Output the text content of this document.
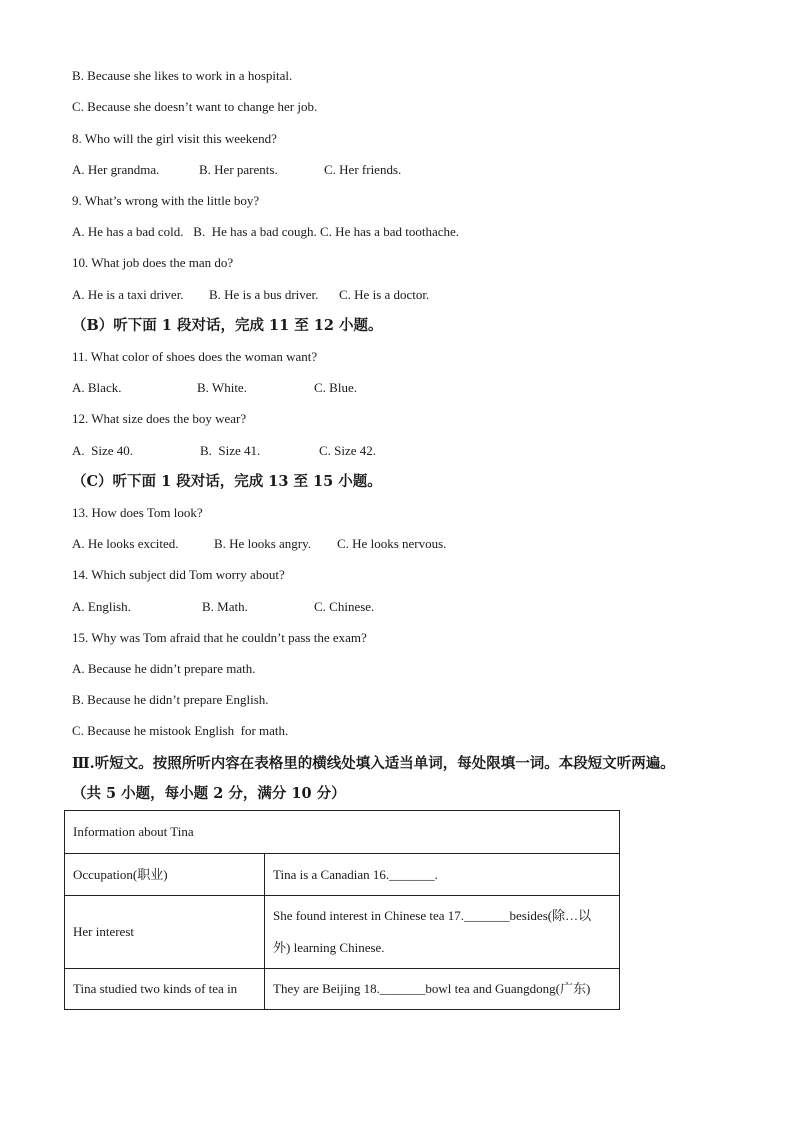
B. Because she likes to work in a hospital.
C. Because she doesn’t want to change her job.
8. Who will the girl visit this weekend?
A. Her grandma.	B. Her parents.	C. Her friends.
9. What’s wrong with the little boy?
A. He has a bad cold.   B.  He has a bad cough. C. He has a bad toothache.
10. What job does the man do?
A. He is a taxi driver. B. He is a bus driver. C. He is a doctor.
（B）听下面 1 段对话，完成 11 至 12 小题。
11. What color of shoes does the woman want?
A. Black.	B. White.	C. Blue.
12. What size does the boy wear?
A.  Size 40.	B.  Size 41.	C. Size 42.
（C）听下面 1 段对话，完成 13 至 15 小题。
13. How does Tom look?
A. He looks excited.	B. He looks angry. C. He looks nervous.
14. Which subject did Tom worry about?
A. English.	B. Math.	C. Chinese.
15. Why was Tom afraid that he couldn’t pass the exam?
A. Because he didn’t prepare math.
B. Because he didn’t prepare English.
C. Because he mistook English  for math.
Ⅲ.听短文。按照所听内容在表格里的横线处填入适当单词，每处限填一词。本段短文听两遍。
（共 5 小题，每小题 2 分，满分 10 分）
Information about Tina	
Occupation(职业)	Tina is a Canadian 16._______.
Her interest	She found interest in Chinese tea 17._______besides(除…以
外) learning Chinese.

Tina studied two kinds of tea in	They are Beijing 18._______bowl tea and Guangdong(广东)
